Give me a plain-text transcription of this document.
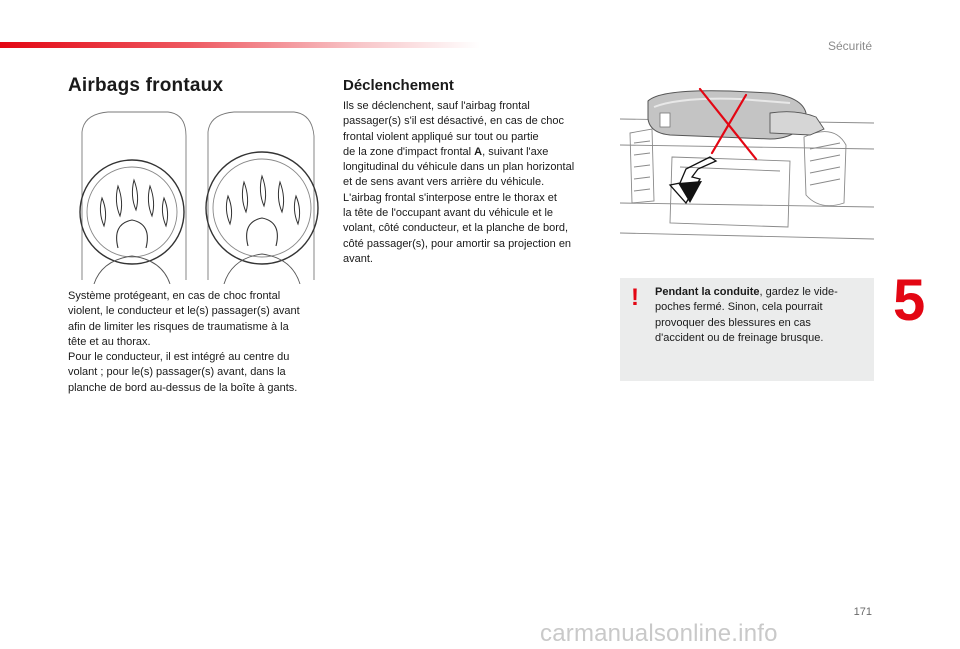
Sécurité
Airbags frontaux
Système protégeant, en cas de choc frontal
violent, le conducteur et le(s) passager(s) avant
afin de limiter les risques de traumatisme à la
tête et au thorax.
Pour le conducteur, il est intégré au centre du
volant ; pour le(s) passager(s) avant, dans la
planche de bord au-dessus de la boîte à gants.
Déclenchement
Ils se déclenchent, sauf l'airbag frontal
passager(s) s'il est désactivé, en cas de choc
frontal violent appliqué sur tout ou partie
de la zone d'impact frontal A, suivant l'axe
longitudinal du véhicule dans un plan horizontal
et de sens avant vers arrière du véhicule.
L'airbag frontal s'interpose entre le thorax et
la tête de l'occupant avant du véhicule et le
volant, côté conducteur, et la planche de bord,
côté passager(s), pour amortir sa projection en
avant.
! Pendant la conduite, gardez le vide-
poches fermé. Sinon, cela pourrait
provoquer des blessures en cas
d'accident ou de freinage brusque.
5
171
carmanualsonline.info
